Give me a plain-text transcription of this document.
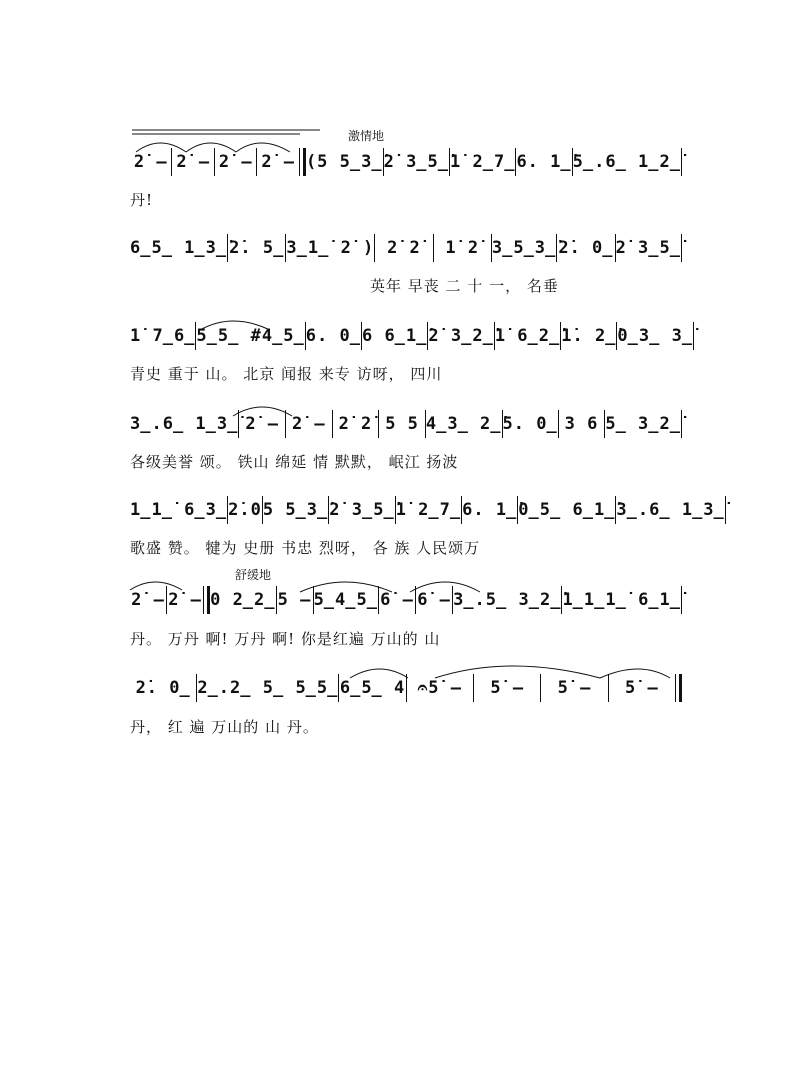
激情地
舒缓地
2̇ – 2̇ – 2̇ – 2̇ – (5 5̲3̲̇ 2̇ 3̲5̲̇ 1̇ 2̲7̲ 6. 1̲̇ 5̲.6̲ 1̲2̲̇
丹!
6̲5̲ 1̲3̲̇ 2̇. 5̲ 3̲1̲̇ 2̇ ) 2̇ 2̇	1̇ 2̇ 3̲5̲3̲̇ 2̇. 0̲ 2̇ 3̲5̲̇
英年 早丧 二 十 一， 名垂
1̇ 7̲6̲ 5̲5̲ #4̲5̲ 6. 0̲ 6 6̲1̲̇ 2̇ 3̲2̲̇ 1̇ 6̲2̲̇ 1̇. 2̲̇ 0̲3̲ 3̲̇
青史 重于 山。 北京 闻报 来专 访呀， 四川
3̲.6̲ 1̲3̲̇ 2̇ – 2̇ – 2̇ 2̇ 5 5 4̲3̲ 2̲̇ 5. 0̲ 3 6 5̲ 3̲2̲̇
各级美誉 颂。 铁山 绵延 情 默默， 岷江 扬波
1̲1̲̇ 6̲3̲ 2̇.0 5 5̲3̲̇ 2̇ 3̲5̲̇ 1̇ 2̲7̲ 6. 1̲̇ 0̲5̲ 6̲1̲̇ 3̲.6̲ 1̲3̲̇
歌盛 赞。 犍为 史册 书忠 烈呀， 各 族 人民颂万
2̇ – 2̇ – 0 2̲2̲ 5 – 5̲4̲5̲ 6̇ – 6̇ – 3̲.5̲ 3̲2̲̇ 1̲1̲1̲̇ 6̲1̲̇
丹。 万丹 啊! 万丹 啊! 你是红遍 万山的 山
2̇. 0̲ 2̲.2̲ 5̲ 5̲5̲ 6̲5̲ 4 𝄐5̇ –	5̇ –	5̇ –	5̇ –
丹， 红 遍 万山的 山 丹。
